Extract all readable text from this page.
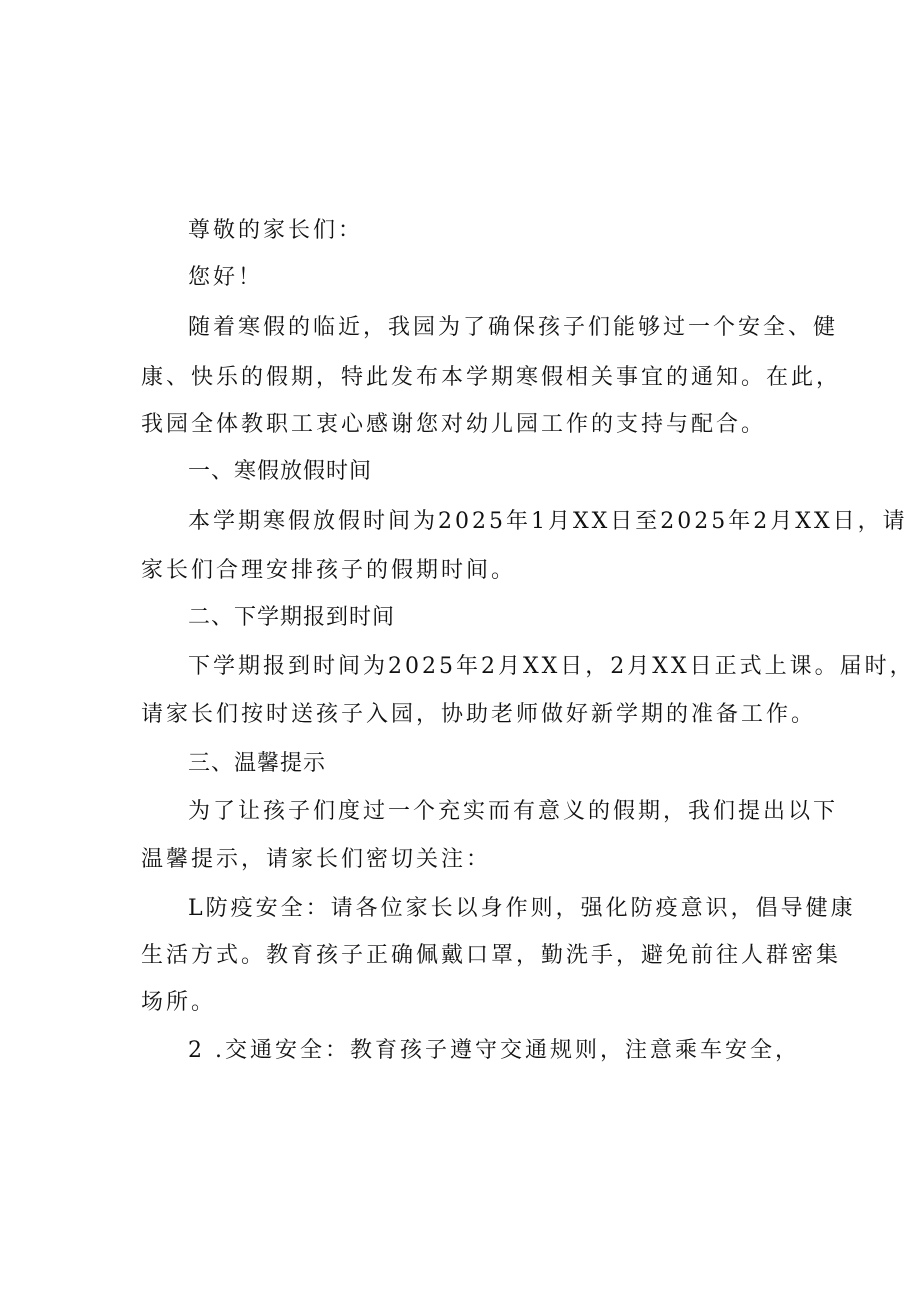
尊敬的家长们：

您好！

随着寒假的临近，我园为了确保孩子们能够过一个安全、健

康、快乐的假期，特此发布本学期寒假相关事宜的通知。在此，

我园全体教职工衷心感谢您对幼儿园工作的支持与配合。

一、寒假放假时间

本学期寒假放假时间为2025年1月XX日至2025年2月XX日，请

家长们合理安排孩子的假期时间。

二、下学期报到时间

下学期报到时间为2025年2月XX日，2月XX日正式上课。届时，

请家长们按时送孩子入园，协助老师做好新学期的准备工作。

三、温馨提示

为了让孩子们度过一个充实而有意义的假期，我们提出以下

温馨提示，请家长们密切关注：

L防疫安全：请各位家长以身作则，强化防疫意识，倡导健康

生活方式。教育孩子正确佩戴口罩，勤洗手，避免前往人群密集

场所。

2 .交通安全：教育孩子遵守交通规则，注意乘车安全，
